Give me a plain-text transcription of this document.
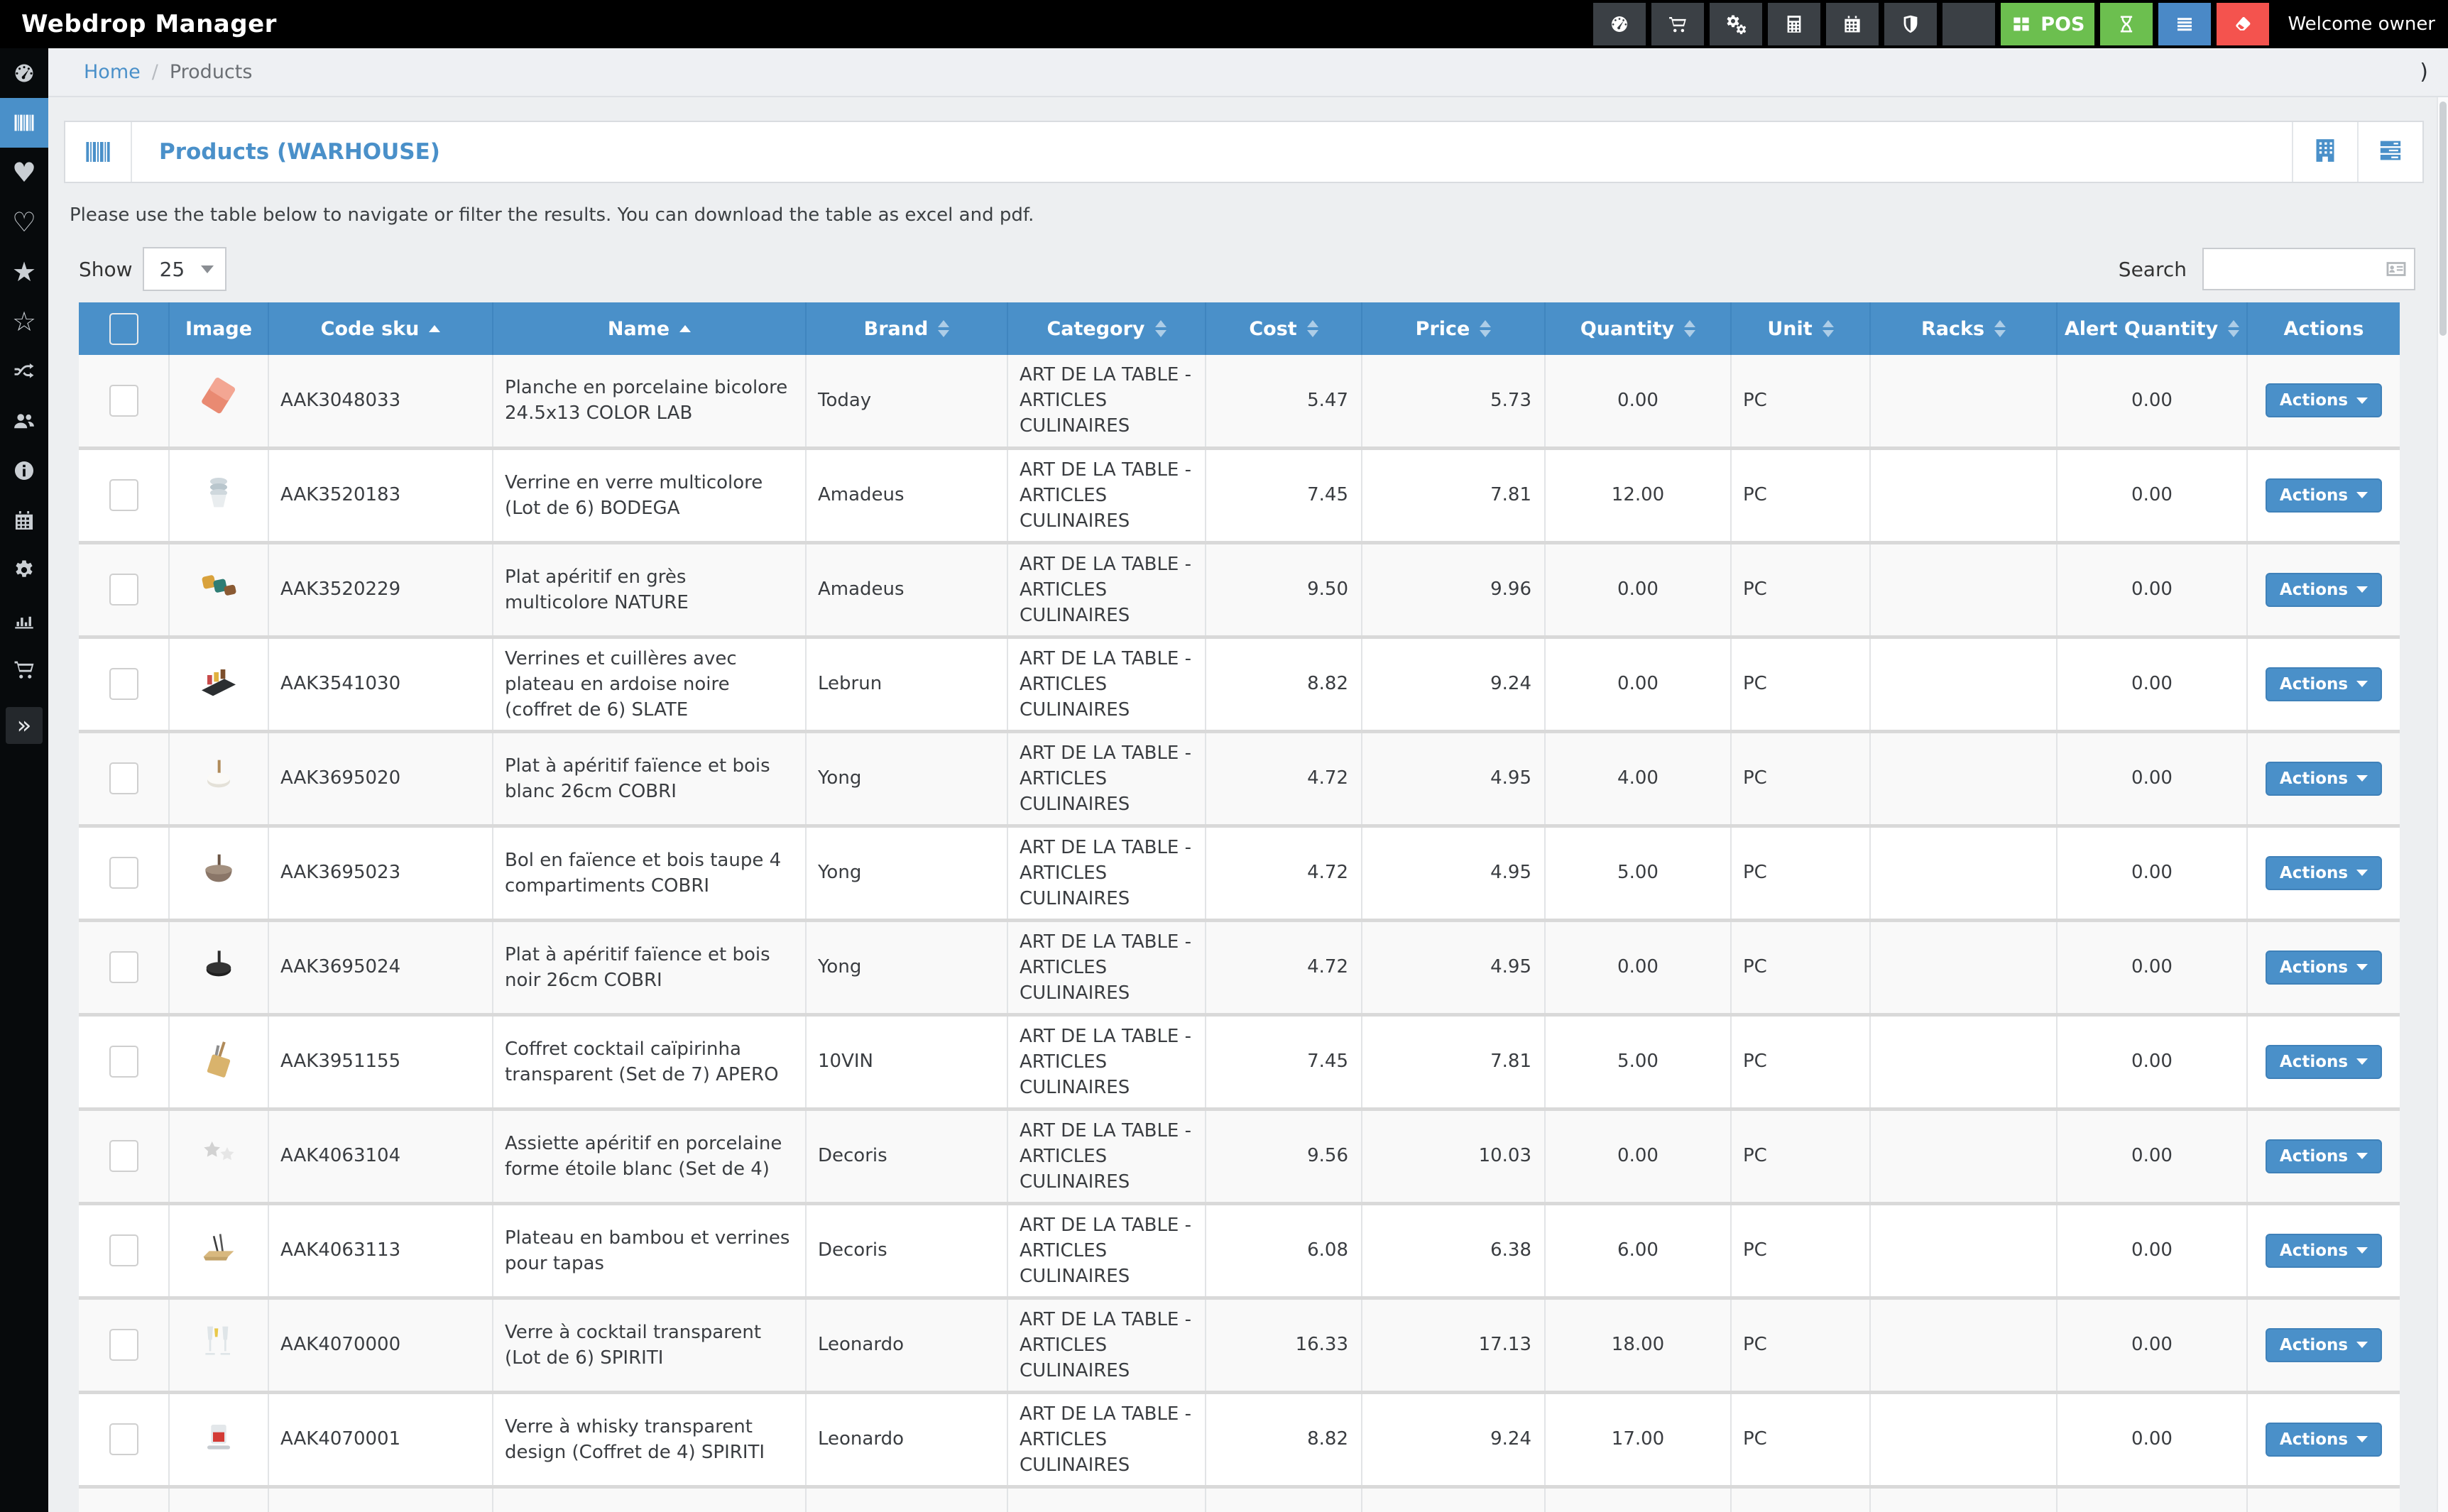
Webdrop Manager	POS	Welcome owner
♥
♡
★
☆
»
Home / Products	)
Products (WARHOUSE)

Please use the table below to navigate or filter the results. You can download the table as excel and pdf.

Show 25	Search

	Image	Code sku	Name	Brand	Category	Cost	Price	Quantity	Unit	Racks	Alert Quantity	Actions

		AAK3048033	Planche en porcelaine bicolore 24.5x13 COLOR LAB	Today	ART DE LA TABLE - ARTICLES CULINAIRES	5.47	5.73	0.00	PC		0.00	Actions

		AAK3520183	Verrine en verre multicolore (Lot de 6) BODEGA	Amadeus	ART DE LA TABLE - ARTICLES CULINAIRES	7.45	7.81	12.00	PC		0.00	Actions

		AAK3520229	Plat apéritif en grès multicolore NATURE	Amadeus	ART DE LA TABLE - ARTICLES CULINAIRES	9.50	9.96	0.00	PC		0.00	Actions

		AAK3541030	Verrines et cuillères avec plateau en ardoise noire (coffret de 6) SLATE	Lebrun	ART DE LA TABLE - ARTICLES CULINAIRES	8.82	9.24	0.00	PC		0.00	Actions

		AAK3695020	Plat à apéritif faïence et bois blanc 26cm COBRI	Yong	ART DE LA TABLE - ARTICLES CULINAIRES	4.72	4.95	4.00	PC		0.00	Actions

		AAK3695023	Bol en faïence et bois taupe 4 compartiments COBRI	Yong	ART DE LA TABLE - ARTICLES CULINAIRES	4.72	4.95	5.00	PC		0.00	Actions

		AAK3695024	Plat à apéritif faïence et bois noir 26cm COBRI	Yong	ART DE LA TABLE - ARTICLES CULINAIRES	4.72	4.95	0.00	PC		0.00	Actions

		AAK3951155	Coffret cocktail caïpirinha transparent (Set de 7) APERO	10VIN	ART DE LA TABLE - ARTICLES CULINAIRES	7.45	7.81	5.00	PC		0.00	Actions

		AAK4063104	Assiette apéritif en porcelaine forme étoile blanc (Set de 4)	Decoris	ART DE LA TABLE - ARTICLES CULINAIRES	9.56	10.03	0.00	PC		0.00	Actions

		AAK4063113	Plateau en bambou et verrines pour tapas	Decoris	ART DE LA TABLE - ARTICLES CULINAIRES	6.08	6.38	6.00	PC		0.00	Actions

		AAK4070000	Verre à cocktail transparent (Lot de 6) SPIRITI	Leonardo	ART DE LA TABLE - ARTICLES CULINAIRES	16.33	17.13	18.00	PC		0.00	Actions

		AAK4070001	Verre à whisky transparent design (Coffret de 4) SPIRITI	Leonardo	ART DE LA TABLE - ARTICLES CULINAIRES	8.82	9.24	17.00	PC		0.00	Actions
